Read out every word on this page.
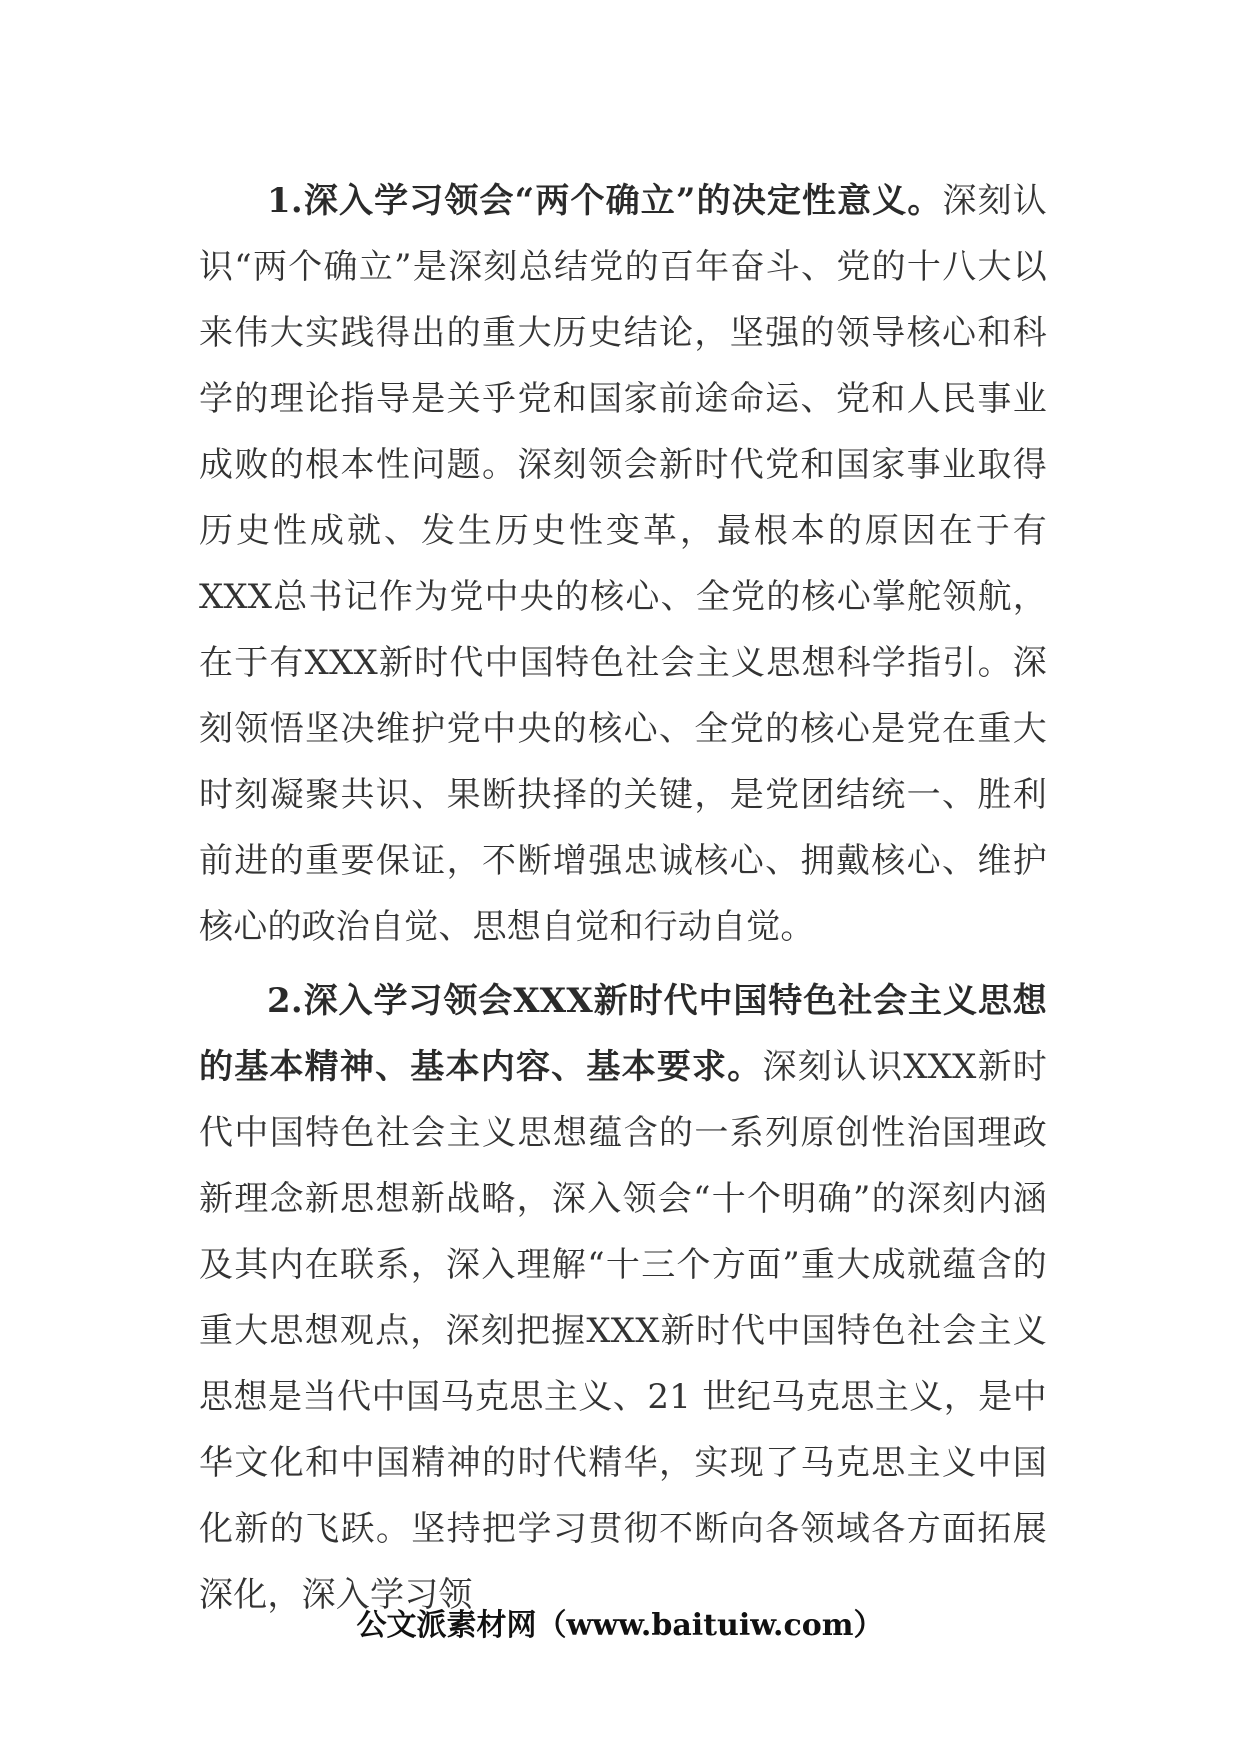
1.深入学习领会“两个确立”的决定性意义。深刻认识“两个确立”是深刻总结党的百年奋斗、党的十八大以来伟大实践得出的重大历史结论，坚强的领导核心和科学的理论指导是关乎党和国家前途命运、党和人民事业成败的根本性问题。深刻领会新时代党和国家事业取得历史性成就、发生历史性变革，最根本的原因在于有XXX总书记作为党中央的核心、全党的核心掌舵领航，在于有XXX新时代中国特色社会主义思想科学指引。深刻领悟坚决维护党中央的核心、全党的核心是党在重大时刻凝聚共识、果断抉择的关键，是党团结统一、胜利前进的重要保证，不断增强忠诚核心、拥戴核心、维护核心的政治自觉、思想自觉和行动自觉。

2.深入学习领会XXX新时代中国特色社会主义思想的基本精神、基本内容、基本要求。深刻认识XXX新时代中国特色社会主义思想蕴含的一系列原创性治国理政新理念新思想新战略，深入领会“十个明确”的深刻内涵及其内在联系，深入理解“十三个方面”重大成就蕴含的重大思想观点，深刻把握XXX新时代中国特色社会主义思想是当代中国马克思主义、21 世纪马克思主义，是中华文化和中国精神的时代精华，实现了马克思主义中国化新的飞跃。坚持把学习贯彻不断向各领域各方面拓展深化，深入学习领

公文派素材网（www.baituiw.com）
